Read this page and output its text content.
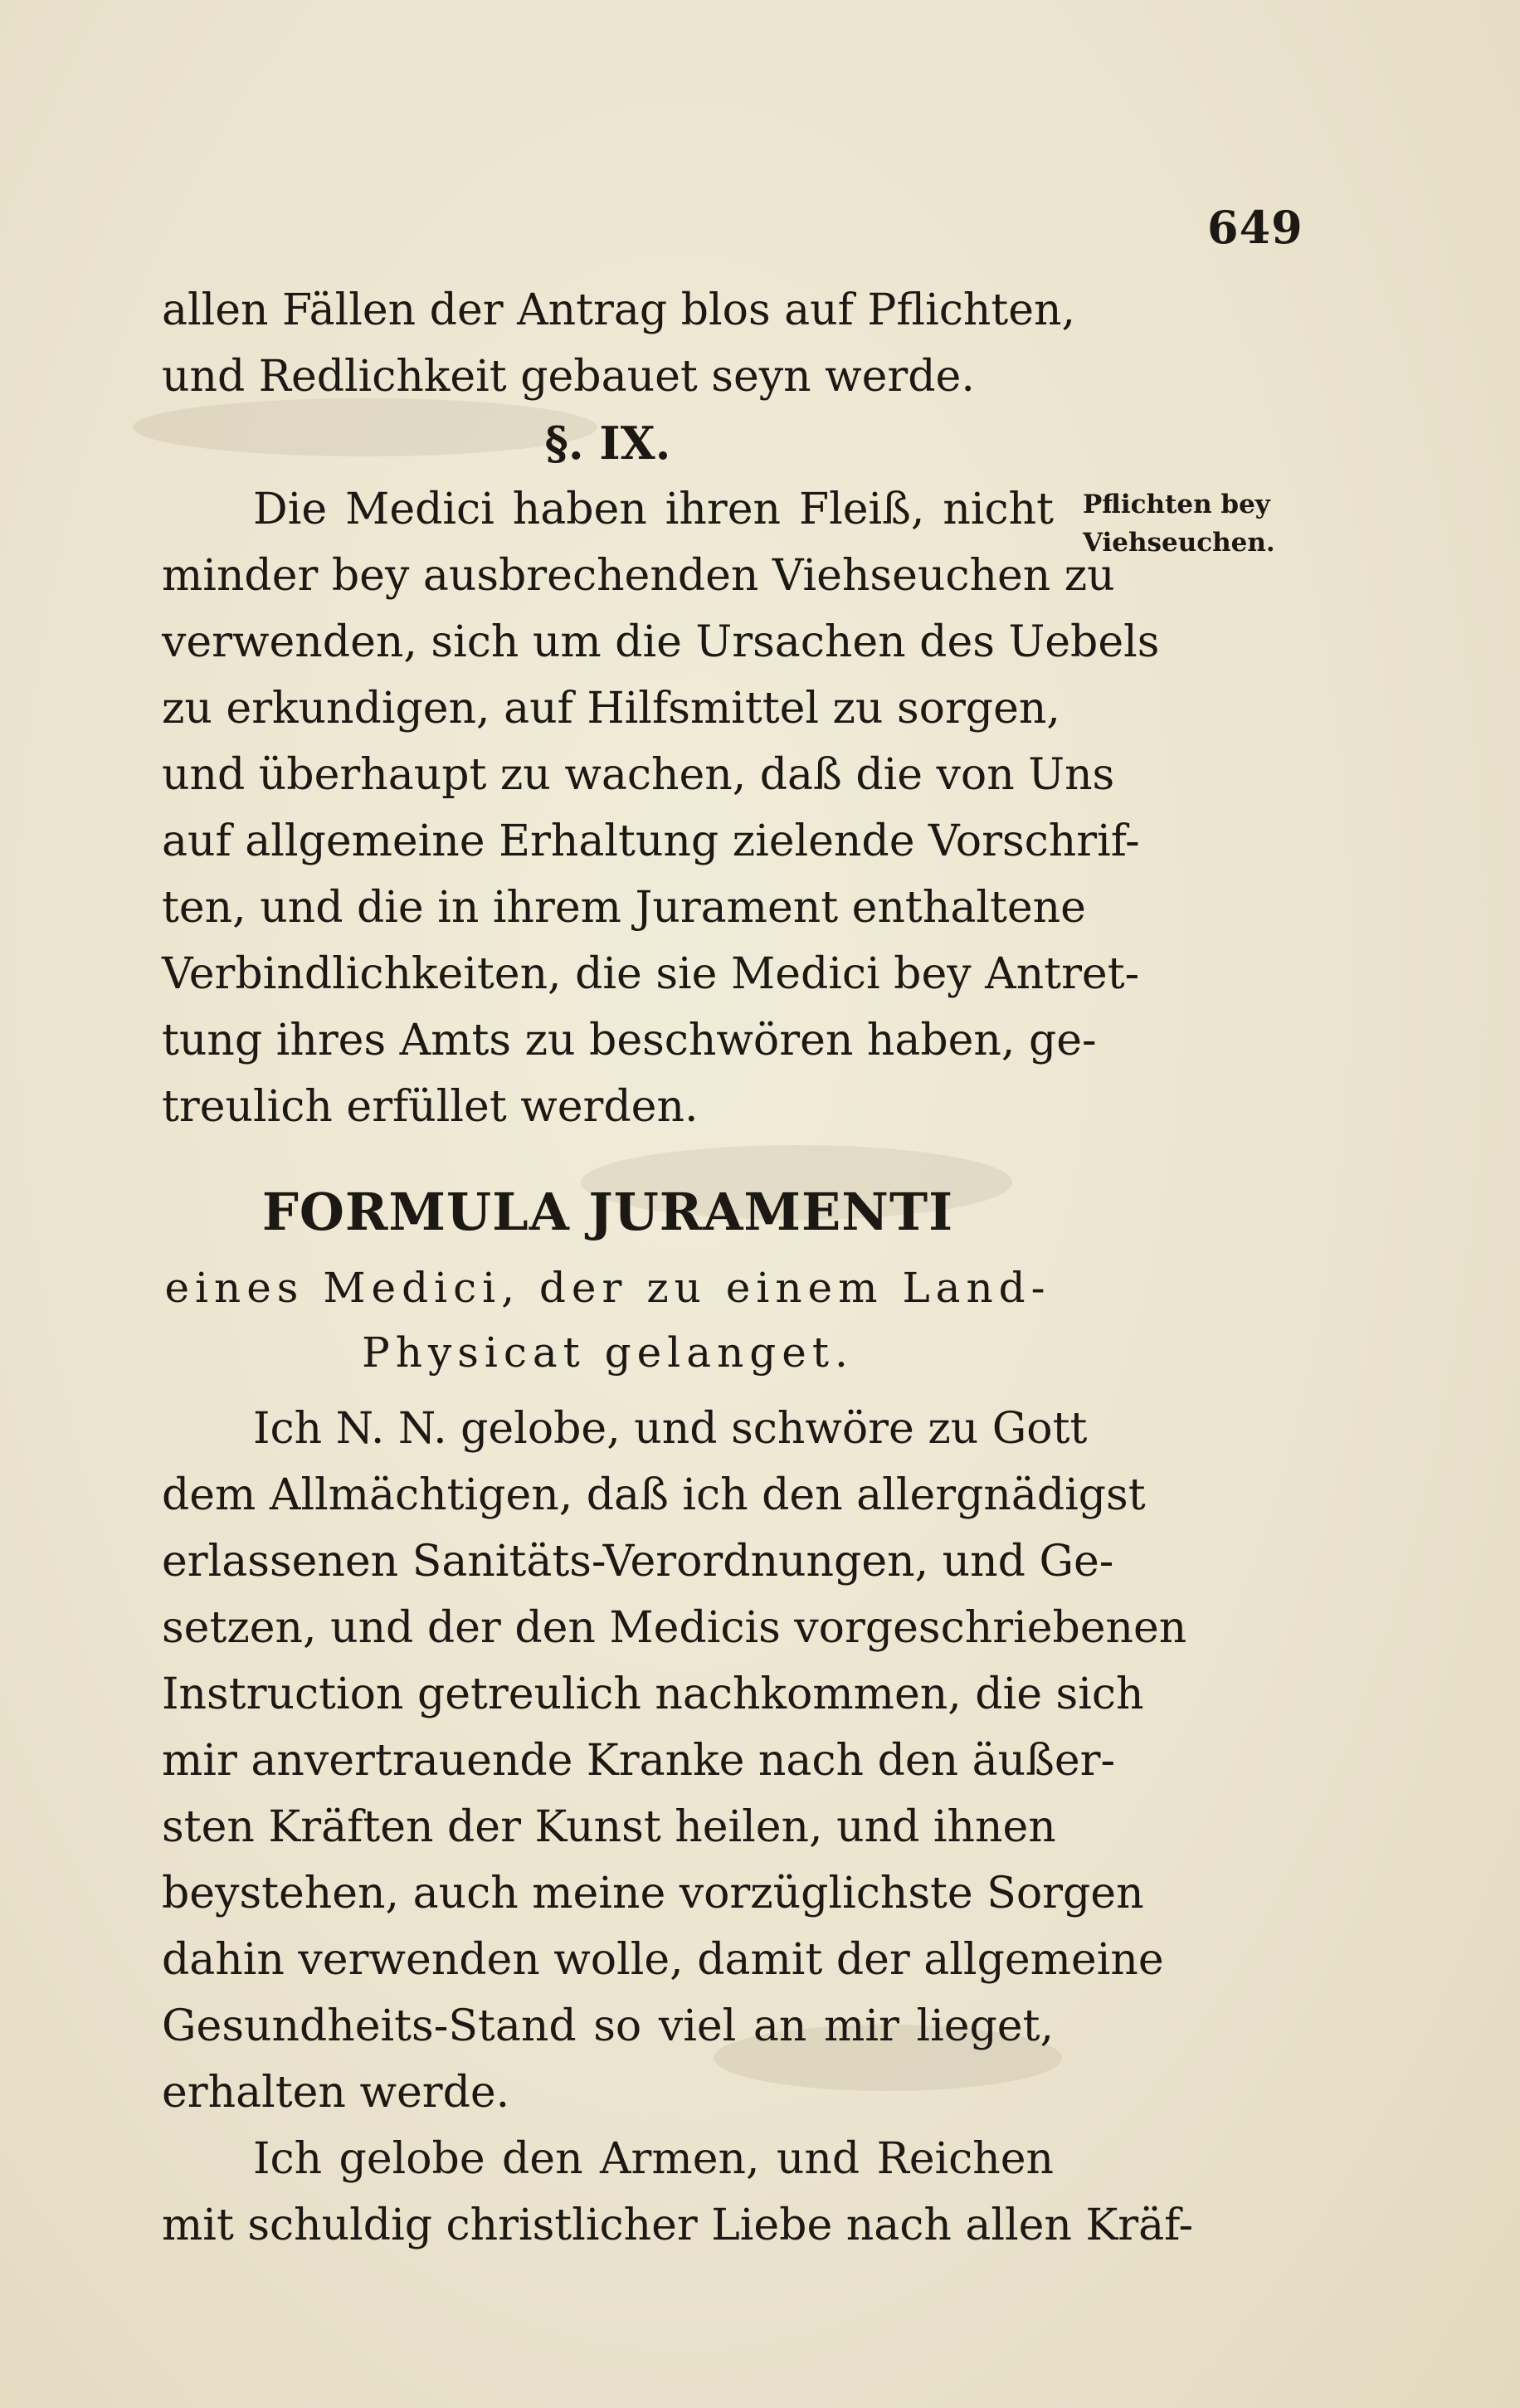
649
allen Fällen der Antrag blos auf Pflichten,
und Redlichkeit gebauet seyn werde.
§. IX.
Pflichten bey
Viehseuchen.
Die Medici haben ihren Fleiß, nicht
minder bey ausbrechenden Viehseuchen zu
verwenden, sich um die Ursachen des Uebels
zu erkundigen, auf Hilfsmittel zu sorgen,
und überhaupt zu wachen, daß die von Uns
auf allgemeine Erhaltung zielende Vorschrif-
ten, und die in ihrem Jurament enthaltene
Verbindlichkeiten, die sie Medici bey Antret-
tung ihres Amts zu beschwören haben, ge-
treulich erfüllet werden.
FORMULA JURAMENTI
eines Medici, der zu einem Land-
Physicat gelanget.
Ich N. N. gelobe, und schwöre zu Gott
dem Allmächtigen, daß ich den allergnädigst
erlassenen Sanitäts-Verordnungen, und Ge-
setzen, und der den Medicis vorgeschriebenen
Instruction getreulich nachkommen, die sich
mir anvertrauende Kranke nach den äußer-
sten Kräften der Kunst heilen, und ihnen
beystehen, auch meine vorzüglichste Sorgen
dahin verwenden wolle, damit der allgemeine
Gesundheits-Stand so viel an mir lieget,
erhalten werde.
Ich gelobe den Armen, und Reichen
mit schuldig christlicher Liebe nach allen Kräf-
